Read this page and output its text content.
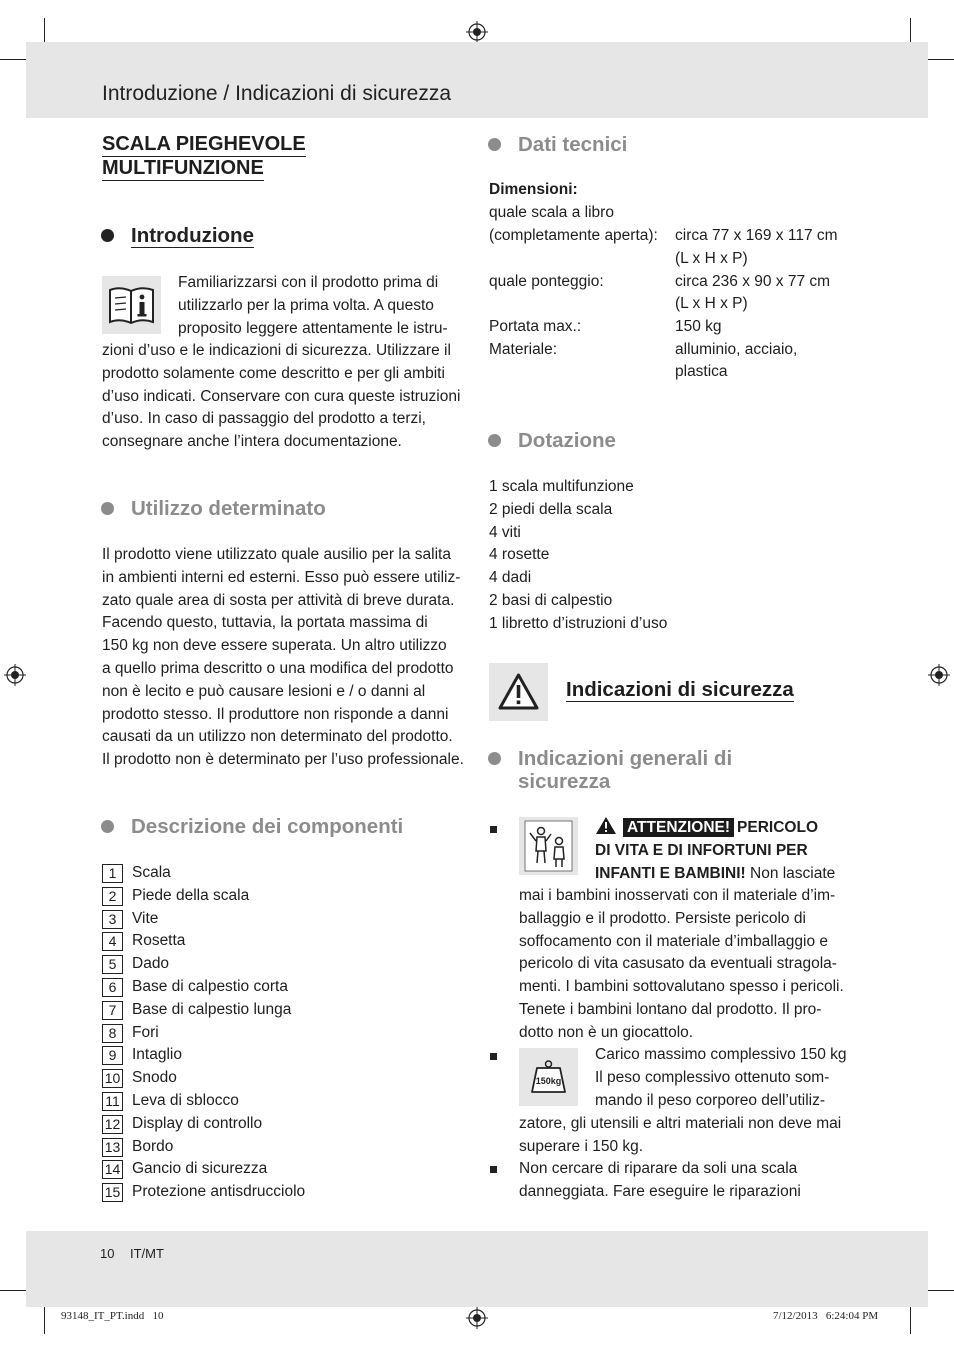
Introduzione / Indicazioni di sicurezza
SCALA PIEGHEVOLE
MULTIFUNZIONE
Introduzione
Familiarizzarsi con il prodotto prima di
utilizzarlo per la prima volta. A questo
proposito leggere attentamente le istru-
zioni d’uso e le indicazioni di sicurezza. Utilizzare il
prodotto solamente come descritto e per gli ambiti
d’uso indicati. Conservare con cura queste istruzioni
d’uso. In caso di passaggio del prodotto a terzi,
consegnare anche l’intera documentazione.
Utilizzo determinato
Il prodotto viene utilizzato quale ausilio per la salita
in ambienti interni ed esterni. Esso può essere utiliz-
zato quale area di sosta per attività di breve durata.
Facendo questo, tuttavia, la portata massima di
150 kg non deve essere superata. Un altro utilizzo
a quello prima descritto o una modifica del prodotto
non è lecito e può causare lesioni e / o danni al
prodotto stesso. Il produttore non risponde a danni
causati da un utilizzo non determinato del prodotto.
Il prodotto non è determinato per l’uso professionale.
Descrizione dei componenti
1	Scala
2	Piede della scala
3	Vite
4	Rosetta
5	Dado
6	Base di calpestio corta
7	Base di calpestio lunga
8	Fori
9	Intaglio
10 Snodo
11 Leva di sblocco
12 Display di controllo
13 Bordo
14 Gancio di sicurezza
15 Protezione antisdrucciolo
Dati tecnici
Dimensioni:
quale scala a libro
(completamente aperta): circa 77 x 169 x 117 cm
(L x H x P)
quale ponteggio:	circa 236 x 90 x 77 cm
(L x H x P)
Portata max.:	150 kg
Materiale:	alluminio, acciaio,
plastica
Dotazione
1 scala multifunzione
2 piedi della scala
4 viti
4 rosette
4 dadi
2 basi di calpestio
1 libretto d’istruzioni d’uso
Indicazioni di sicurezza
Indicazioni generali di
sicurezza
ATTENZIONE! PERICOLO
DI VITA E DI INFORTUNI PER
INFANTI E BAMBINI! Non lasciate
mai i bambini inosservati con il materiale d’im-
ballaggio e il prodotto. Persiste pericolo di
soffocamento con il materiale d’imballaggio e
pericolo di vita casusato da eventuali stragola-
menti. I bambini sottovalutano spesso i pericoli.
Tenete i bambini lontano dal prodotto. Il pro-
dotto non è un giocattolo.
150kg
Carico massimo complessivo 150 kg
Il peso complessivo ottenuto som-
mando il peso corporeo dell’utiliz-
zatore, gli utensili e altri materiali non deve mai
superare i 150 kg.
Non cercare di riparare da soli una scala
danneggiata. Fare eseguire le riparazioni
10 IT/MT
93148_IT_PT.indd   10	7/12/2013   6:24:04 PM
